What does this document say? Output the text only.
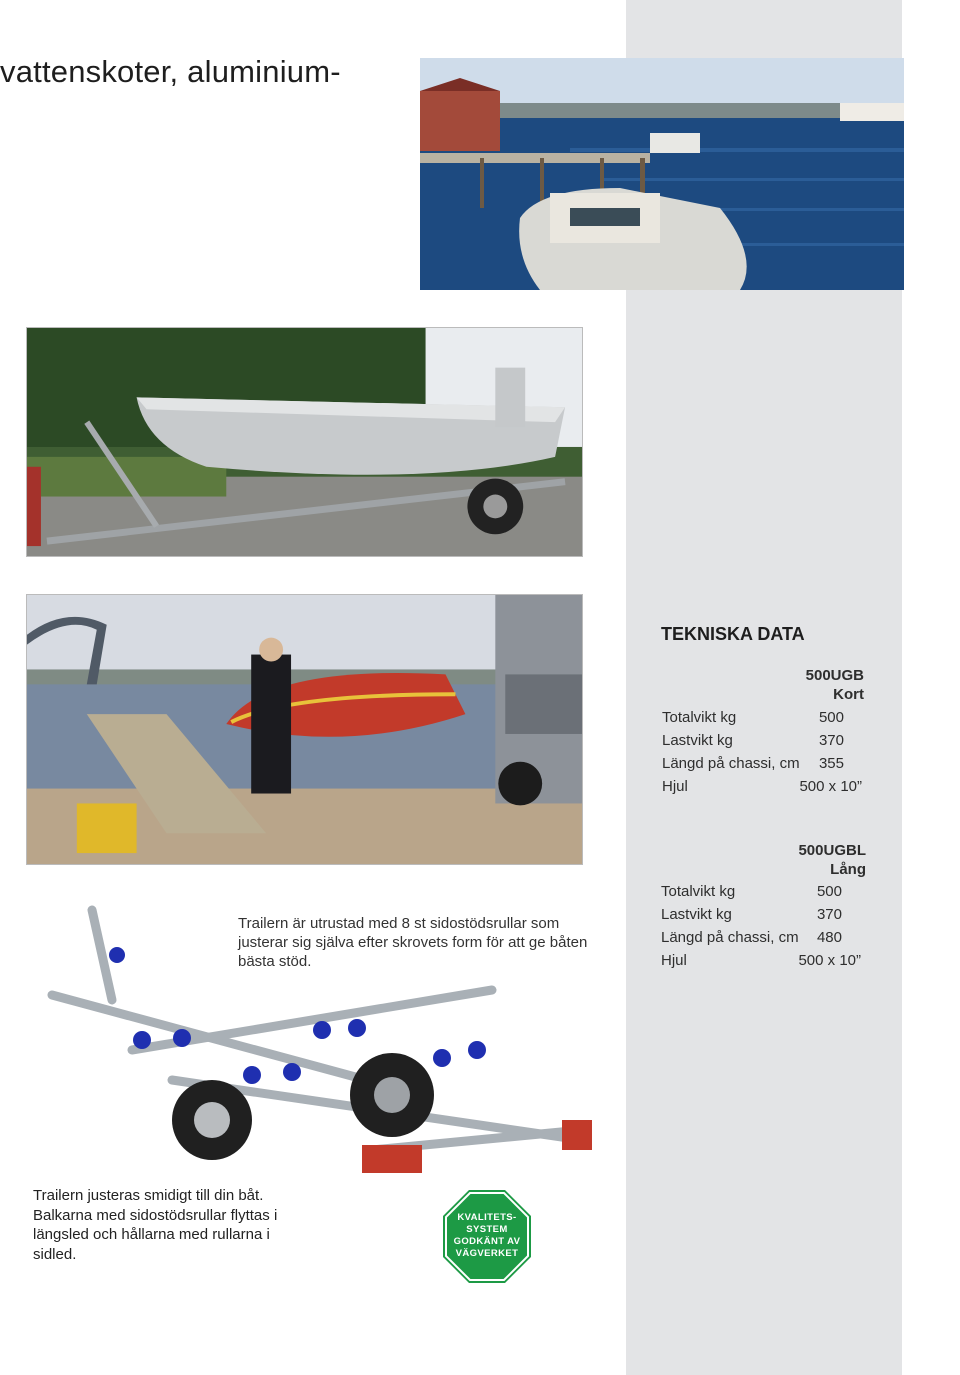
vattenskoter, aluminium-

Trailern är utrustad med 8 st sidostödsrullar som justerar sig själva efter skrovets form för att ge båten bästa stöd.

Trailern justeras smidigt till din båt. Balkarna med sidostödsrullar flyttas i längsled och hållarna med rullarna i sidled.

TEKNISKA DATA
500UGB
Kort
Totalvikt kg	500
Lastvikt kg	370
Längd på chassi, cm 355
Hjul	500 x 10”
500UGBL
Lång
Totalvikt kg	500
Lastvikt kg	370
Längd på chassi, cm 480
Hjul	500 x 10”
KVALITETS-
SYSTEM
GODKÄNT AV
VÄGVERKET
